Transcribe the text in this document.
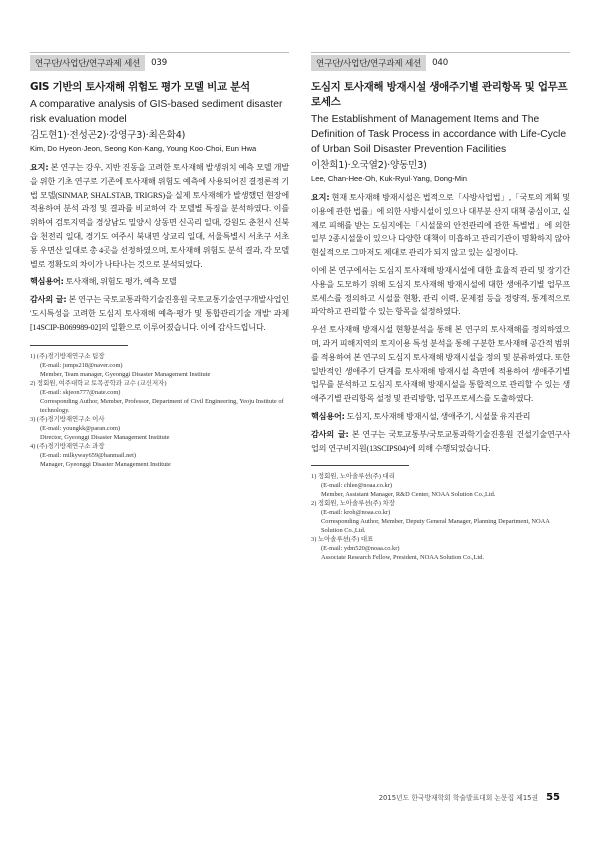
연구단/사업단/연구과제 세션	039
GIS 기반의 토사재해 위험도 평가 모델 비교 분석
A comparative analysis of GIS-based sediment disaster risk evaluation model
김도현1)·전성곤2)·강영구3)·최은화4)
Kim, Do Hyeon·Jeon, Seong Kon·Kang, Young Koo·Choi, Eun Hwa

요지: 본 연구는 강우, 지반 진동을 고려한 토사재해 발생위치 예측 모델 개발을 위한 기초 연구로 기존에 토사재해 위험도 예측에 사용되어진 결정론적 기법 모델(SINMAP, SHALSTAB, TRIGRS)을 실제 토사재해가 발생했던 현장에 적용하여 분석 과정 및 결과를 비교하여 각 모델별 특징을 분석하였다. 이를 위하여 검토지역을 경상남도 밀양시 상동면 신곡리 일대, 강원도 춘천시 신북읍 천전리 일대, 경기도 여주시 북내면 상교리 일대, 서울특별시 서초구 서초동 우면산 일대로 총 4곳을 선정하였으며, 토사재해 위험도 분석 결과, 각 모델 별로 정확도의 차이가 나타나는 것으로 분석되었다.

핵심용어: 토사재해, 위험도 평가, 예측 모델

감사의 글: 본 연구는 국토교통과학기술진흥원 국토교통기술연구개발사업인 '도시특성을 고려한 도심지 토사재해 예측·평가 및 통합관리기술 개발' 과제[14SCIP-B069989-02]의 일환으로 이루어졌습니다. 이에 감사드립니다.

1) (주)경기방재연구소 팀장

(E-mail: jumps218@naver.com)

Member, Team manager, Gyeonggi Disaster Management Institute

2) 정회원, 여주대학교 토목공학과 교수 (교신저자)

(E-mail: skjeon777@nate.com)

Corresponding Author, Member, Professor, Department of Civil Engineering, Yeoju Institute of technology.

3) (주)경기방재연구소 이사

(E-mail: youngkk@paran.com)

Director, Gyeonggi Disaster Management Institute

4) (주)경기방재연구소 과장

(E-mail: milkyway659@hanmail.net)

Manager, Gyeonggi Disaster Management Institute

연구단/사업단/연구과제 세션	040
도심지 토사재해 방재시설 생애주기별 관리항목 및 업무프로세스
The Establishment of Management Items and The Definition of Task Process in accordance with Life-Cycle of Urban Soil Disaster Prevention Facilities
이찬희1)·오국열2)·양동민3)
Lee, Chan-Hee·Oh, Kuk-Ryul·Yang, Dong-Min

요지: 현재 토사재해 방재시설은 법적으로「사방사업법」,「국토의 계획 및 이용에 관한 법률」에 의한 사방시설이 있으나 대부분 산지 대책 중심이고, 실제로 피해를 받는 도심지에는「시설물의 안전관리에 관한 특별법」에 의한 일부 2종시설물이 있으나 다양한 대책이 미흡하고 관리기관이 명확하지 않아 현실적으로 그마저도 제대로 관리가 되지 않고 있는 실정이다.

이에 본 연구에서는 도심지 토사재해 방재시설에 대한 효율적 관리 및 장기간 사용을 도모하기 위해 도심지 토사재해 방재시설에 대한 생애주기별 업무프로세스를 정의하고 시설물 현황, 관리 이력, 문제점 등을 정량적, 통계적으로 파악하고 관리할 수 있는 항목을 설정하였다.

우선 토사재해 방재시설 현황분석을 통해 본 연구의 토사재해를 정의하였으며, 과거 피해지역의 토지이용 특성 분석을 통해 구분한 토사재해 공간적 범위를 적용하여 본 연구의 도심지 토사재해 방재시설을 정의 및 분류하였다. 또한 일반적인 생애주기 단계를 토사재해 방재시설 측면에 적용하여 생애주기별 업무를 분석하고 도심지 토사재해 방재시설을 통합적으로 관리할 수 있는 생애주기별 관리항목 설정 및 관리방향, 업무프로세스를 도출하였다.

핵심용어: 도심지, 토사재해 방재시설, 생애주기, 시설물 유지관리

감사의 글: 본 연구는 국토교통부/국토교통과학기술진흥원 건설기술연구사업의 연구비지원(13SCIPS04)에 의해 수행되었습니다.

1) 정회원, 노아솔루션(주) 대리

(E-mail: chlee@noaa.co.kr)

Member, Assistant Manager, R&D Center, NOAA Solution Co.,Ltd.

2) 정회원, 노아솔루션(주) 차장

(E-mail: kroh@noaa.co.kr)

Corresponding Author, Member, Deputy General Manager, Planning Department, NOAA Solution Co.,Ltd.

3) 노아솔루션(주) 대표

(E-mail: ydm520@noaa.co.kr)

Associate Research Fellow, President, NOAA Solution Co.,Ltd.

2015년도 한국방재학회 학술발표대회 논문집 제15권 55
